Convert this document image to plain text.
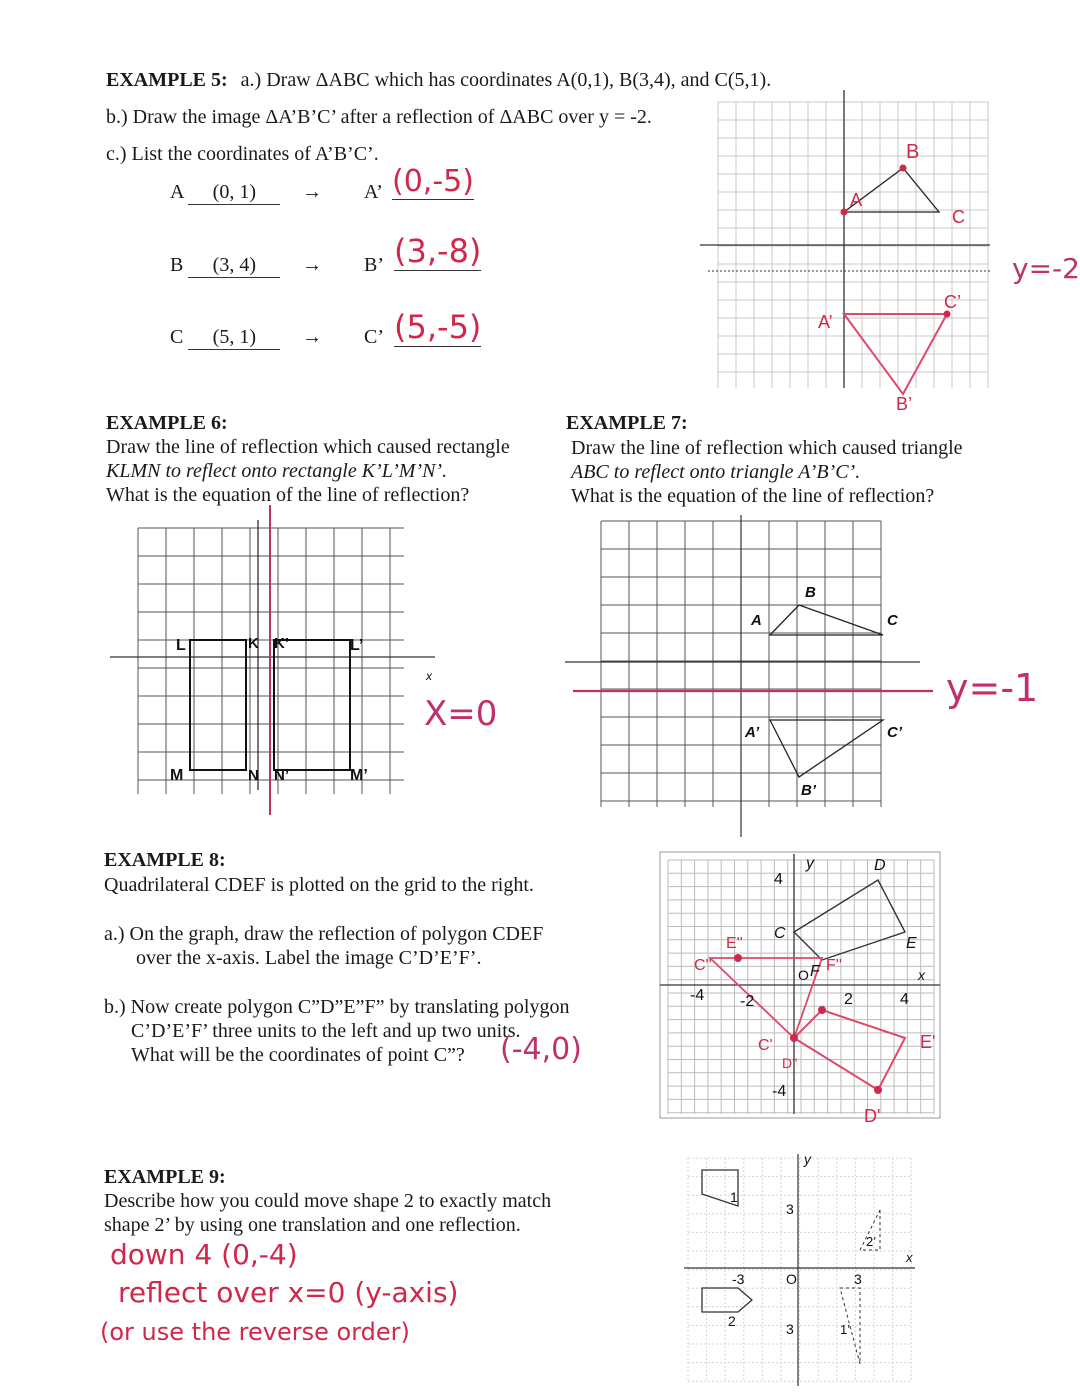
EXAMPLE 5: a.) Draw ΔABC which has coordinates A(0,1), B(3,4), and C(5,1).
b.) Draw the image ΔA’B’C’ after a reflection of ΔABC over y = -2.
c.) List the coordinates of A’B’C’.
A (0, 1)	→ A’ (0,-5)
B (3, 4)	→ B’ (3,-8)
C (5, 1)	→ C’ (5,-5)
B
A
C
A’
C’
B’
y=-2
EXAMPLE 6:
Draw the line of reflection which caused rectangle
KLMN to reflect onto rectangle K’L’M’N’.
What is the equation of the line of reflection?
L	K K’	L’
M	N N’	M’
x
X=0
EXAMPLE 7:
Draw the line of reflection which caused triangle
ABC to reflect onto triangle A’B’C’.
What is the equation of the line of reflection?
B
A	C
A’	C’
B’
y=-1
EXAMPLE 8:
Quadrilateral CDEF is plotted on the grid to the right.
a.) On the graph, draw the reflection of polygon CDEF
over the x-axis. Label the image C’D’E’F’.
b.) Now create polygon C”D”E”F” by translating polygon
C’D’E’F’ three units to the left and up two units.
What will be the coordinates of point C”? (-4,0)
-4 -2	2	4
4
-4
D
C
E
F
y
x
O
C''
E''
F''
C'
D''
E'
D'
EXAMPLE 9:
Describe how you could move shape 2 to exactly match
shape 2’ by using one translation and one reflection.
down 4 (0,-4)
reflect over x=0 (y-axis)
(or use the reverse order)
1
2
2’
1’
y
x
O
-3	3
3
3
